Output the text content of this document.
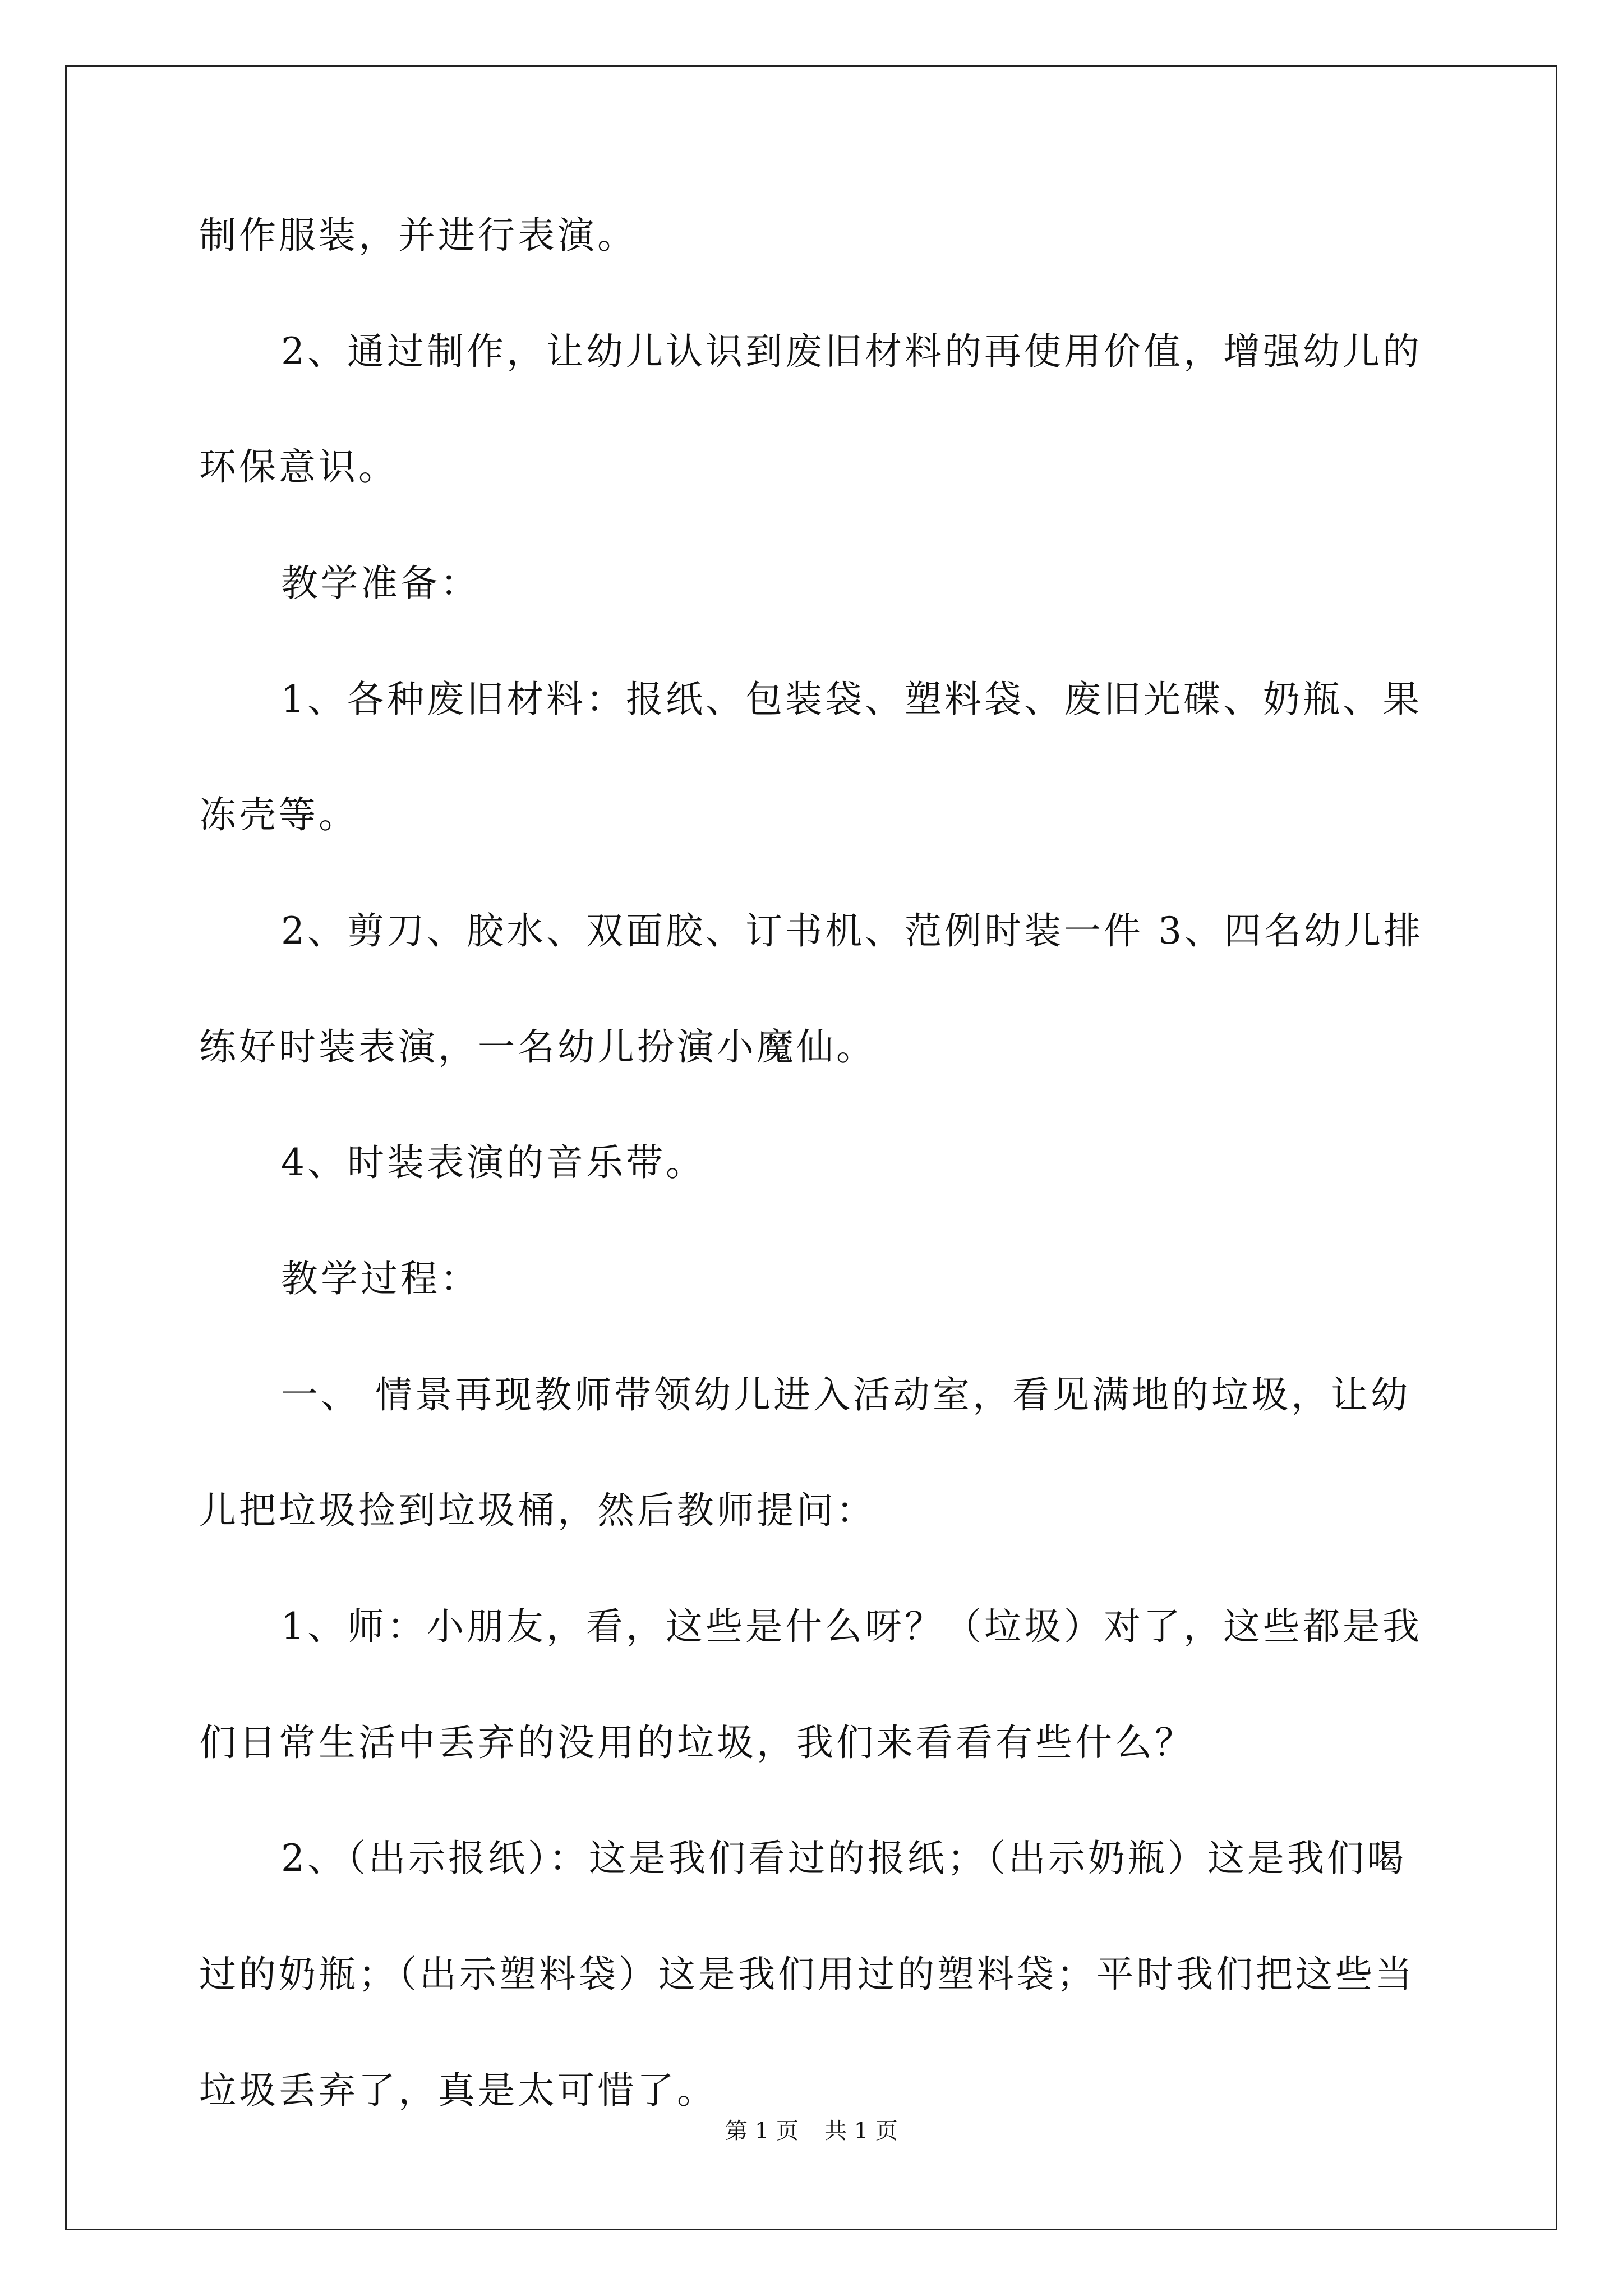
制作服装，并进行表演。
2、通过制作，让幼儿认识到废旧材料的再使用价值，增强幼儿的
环保意识。
教学准备：
1、各种废旧材料：报纸、包装袋、塑料袋、废旧光碟、奶瓶、果
冻壳等。
2、剪刀、胶水、双面胶、订书机、范例时装一件 3、四名幼儿排
练好时装表演，一名幼儿扮演小魔仙。
4、时装表演的音乐带。
教学过程：
一、 情景再现教师带领幼儿进入活动室，看见满地的垃圾，让幼
儿把垃圾捡到垃圾桶，然后教师提问：
1、师：小朋友，看，这些是什么呀？（垃圾）对了，这些都是我
们日常生活中丢弃的没用的垃圾，我们来看看有些什么？
2、（出示报纸）：这是我们看过的报纸；（出示奶瓶）这是我们喝
过的奶瓶；（出示塑料袋）这是我们用过的塑料袋；平时我们把这些当
垃圾丢弃了，真是太可惜了。
第 1 页 共 1 页
